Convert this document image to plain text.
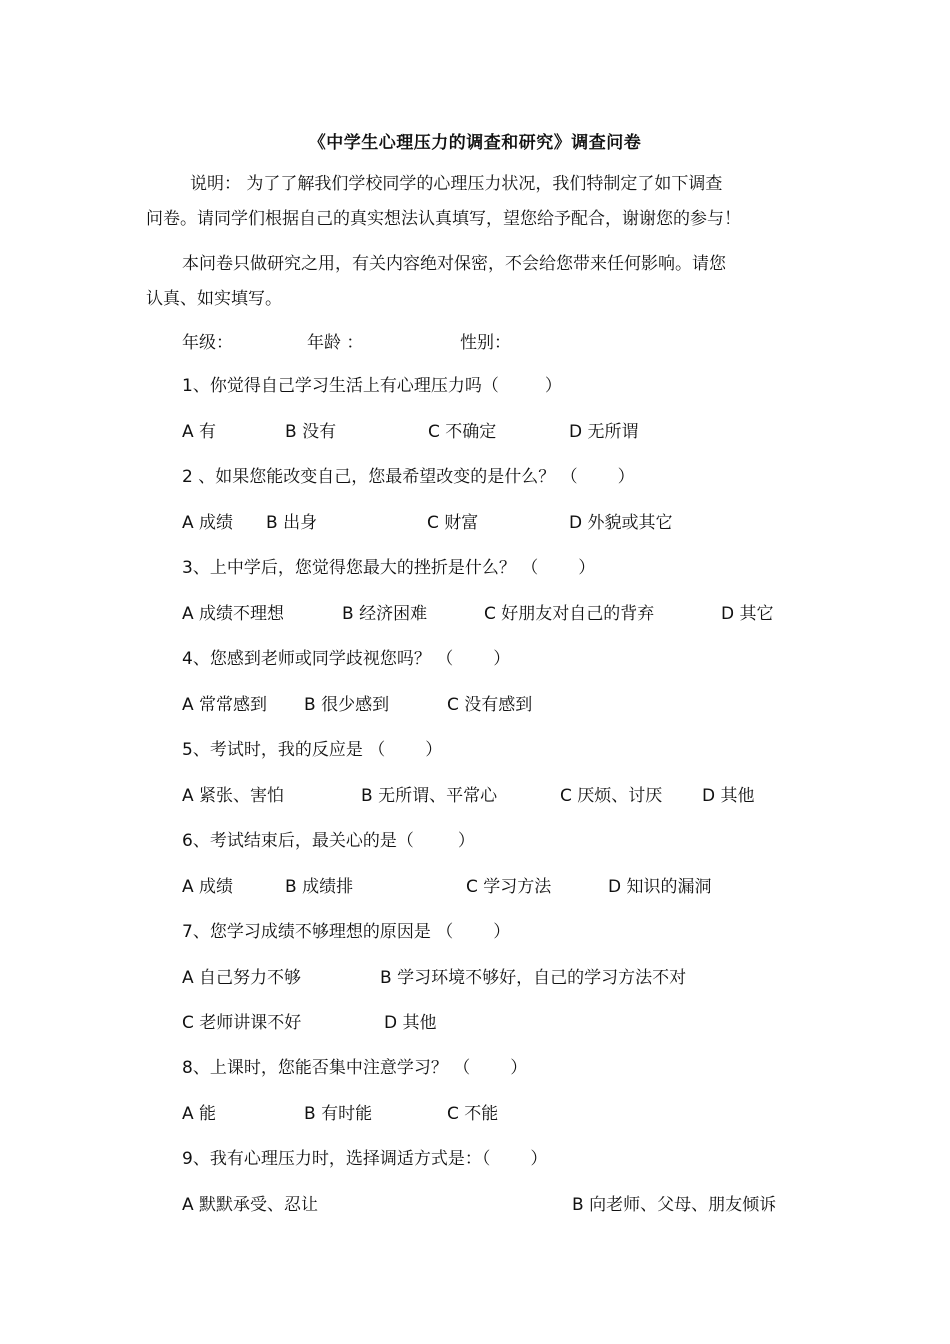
《中学生心理压力的调查和研究》调查问卷
说明： 为了了解我们学校同学的心理压力状况，我们特制定了如下调查
问卷。请同学们根据自己的真实想法认真填写，望您给予配合，谢谢您的参与！
本问卷只做研究之用，有关内容绝对保密，不会给您带来任何影响。请您
认真、如实填写。
年级：	年龄 ：	性别：
1、你觉得自己学习生活上有心理压力吗（	）
A 有	B 没有	C 不确定	D 无所谓
2 、如果您能改变自己，您最希望改变的是什么？ （ ）
A 成绩 B 出身	C 财富	D 外貌或其它
3、上中学后，您觉得您最大的挫折是什么？ （ ）
A 成绩不理想	B 经济困难	C 好朋友对自己的背弃	D 其它
4、您感到老师或同学歧视您吗？ （ ）
A 常常感到 B 很少感到	C 没有感到
5、考试时，我的反应是 （ ）
A 紧张、害怕	B 无所谓、平常心	C 厌烦、讨厌 D 其他
6、考试结束后，最关心的是（	）
A 成绩	B 成绩排	C 学习方法	D 知识的漏洞
7、您学习成绩不够理想的原因是 （ ）
A 自己努力不够	B 学习环境不够好，自己的学习方法不对
C 老师讲课不好	D 其他
8、上课时，您能否集中注意学习？ （ ）
A 能	B 有时能	C 不能
9、我有心理压力时，选择调适方式是：（ ）
A 默默承受、忍让	B 向老师、父母、朋友倾诉
